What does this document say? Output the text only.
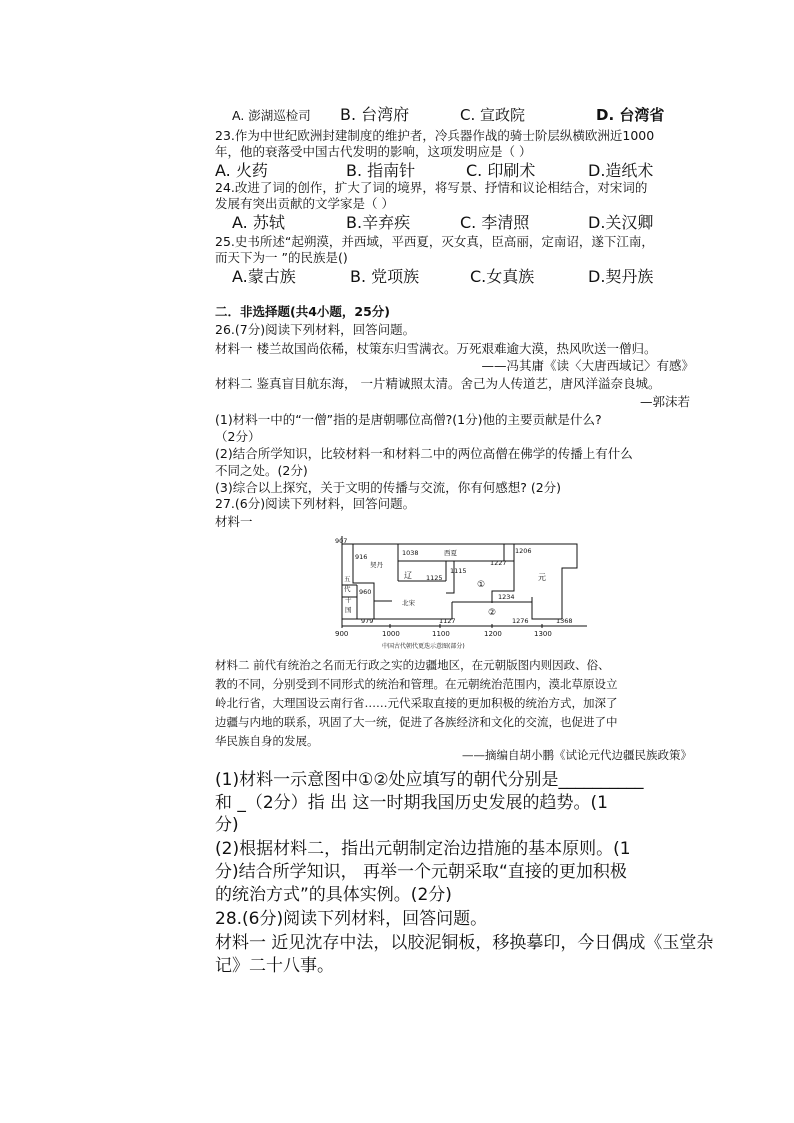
A. 澎湖巡检司 B. 台湾府	C. 宣政院	D. 台湾省
23.作为中世纪欧洲封建制度的维护者，冷兵器作战的骑士阶层纵横欧洲近1000
年，他的衰落受中国古代发明的影响，这项发明应是（ ）
A. 火药	B. 指南针	C. 印刷术	D.造纸术
24.改进了词的创作，扩大了词的境界，将写景、抒情和议论相结合，对宋词的
发展有突出贡献的文学家是（ ）
A. 苏轼	B.辛弃疾	C. 李清照	D.关汉卿
25.史书所述“起朔漠，并西域，平西夏，灭女真，臣高丽，定南诏，遂下江南，
而天下为一 ”的民族是()
A.蒙古族	B. 党项族	C.女真族	D.契丹族
二．非选择题(共4小题，25分)
26.(7分)阅读下列材料，回答问题。
材料一 楼兰故国尚依稀，杖策东归雪满衣。万死艰难逾大漠，热风吹送一僧归。
——冯其庸《读〈大唐西域记〉有感》
材料二 鉴真盲目航东海， 一片精诚照太清。舍己为人传道艺，唐风洋溢奈良城。
—郭沫若
(1)材料一中的“一僧”指的是唐朝哪位高僧?(1分)他的主要贡献是什么?
（2分）
(2)结合所学知识，比较材料一和材料二中的两位高僧在佛学的传播上有什么
不同之处。(2分)
(3)综合以上探究，关于文明的传播与交流，你有何感想? (2分)
27.(6分)阅读下列材料，回答问题。
材料一
907
916
契丹
1038	西夏
1227
1206
辽	1115
1125
①
元
五
代 960
十
国
北宋
1234
②
979	1127	1276	1368
900	1000	1100	1200	1300
中国古代朝代更迭示意图(部分)
材料二 前代有统治之名而无行政之实的边疆地区，在元朝版图内则因政、俗、
教的不同，分别受到不同形式的统治和管理。在元朝统治范围内，漠北草原设立
岭北行省，大理国设云南行省……元代采取直接的更加积极的统治方式，加深了
边疆与内地的联系，巩固了大一统，促进了各族经济和文化的交流，也促进了中
华民族自身的发展。
——摘编自胡小鹏《试论元代边疆民族政策》
(1)材料一示意图中①②处应填写的朝代分别是__________
和 _（2分）指 出 这一时期我国历史发展的趋势。(1
分)
(2)根据材料二，指出元朝制定治边措施的基本原则。(1
分)结合所学知识， 再举一个元朝采取“直接的更加积极
的统治方式”的具体实例。(2分)
28.(6分)阅读下列材料，回答问题。
材料一 近见沈存中法，以胶泥铜板，移换摹印，今日偶成《玉堂杂
记》二十八事。
